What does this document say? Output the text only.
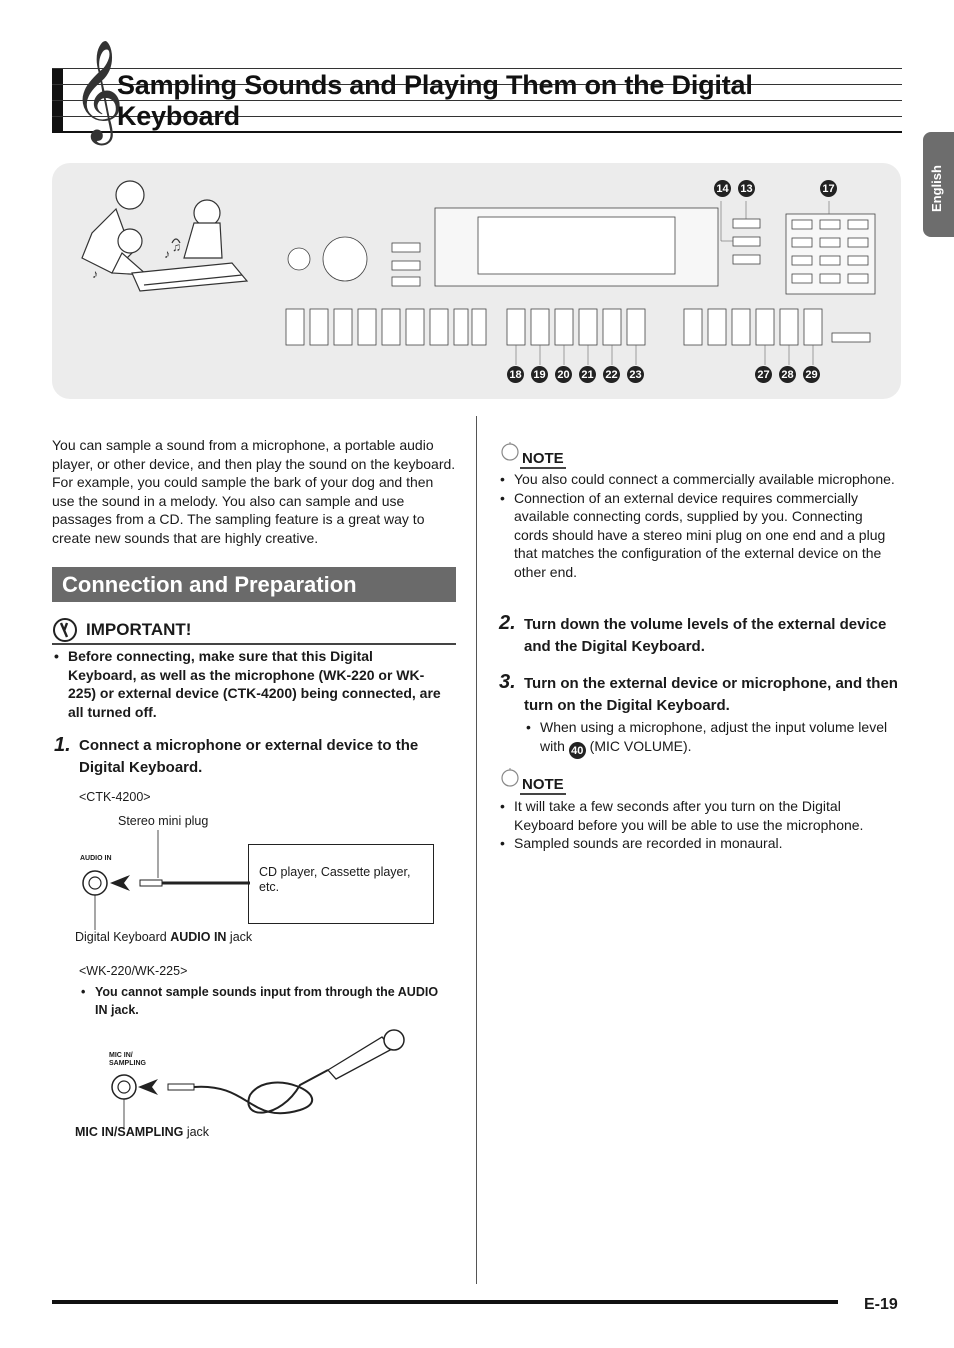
𝄞
Sampling Sounds and Playing Them on the Digital
Keyboard
English
♪ ♫
♪
14 13	17
18 19 20 21 22 23	27 28 29
You can sample a sound from a microphone, a portable audio player, or other device, and then play the sound on the keyboard. For example, you could sample the bark of your dog and then use the sound in a melody. You also can sample and use passages from a CD. The sampling feature is a great way to create new sounds that are highly creative.
Connection and Preparation
IMPORTANT!
• Before connecting, make sure that this Digital Keyboard, as well as the microphone (WK-220 or WK-225) or external device (CTK-4200) being connected, are all turned off.
1. Connect a microphone or external device to the Digital Keyboard.
<CTK-4200>
Stereo mini plug
AUDIO IN
CD player, Cassette player, etc.
Digital Keyboard AUDIO IN jack
<WK-220/WK-225>
• You cannot sample sounds input from through the AUDIO IN jack.
MIC IN/
SAMPLING
MIC IN/SAMPLING jack
NOTE
• You also could connect a commercially available microphone.
• Connection of an external device requires commercially available connecting cords, supplied by you. Connecting cords should have a stereo mini plug on one end and a plug that matches the configuration of the external device on the other end.
2. Turn down the volume levels of the external device and the Digital Keyboard.
3. Turn on the external device or microphone, and then turn on the Digital Keyboard.
• When using a microphone, adjust the input volume level with 40 (MIC VOLUME).
NOTE
• It will take a few seconds after you turn on the Digital Keyboard before you will be able to use the microphone.
• Sampled sounds are recorded in monaural.
E-19
